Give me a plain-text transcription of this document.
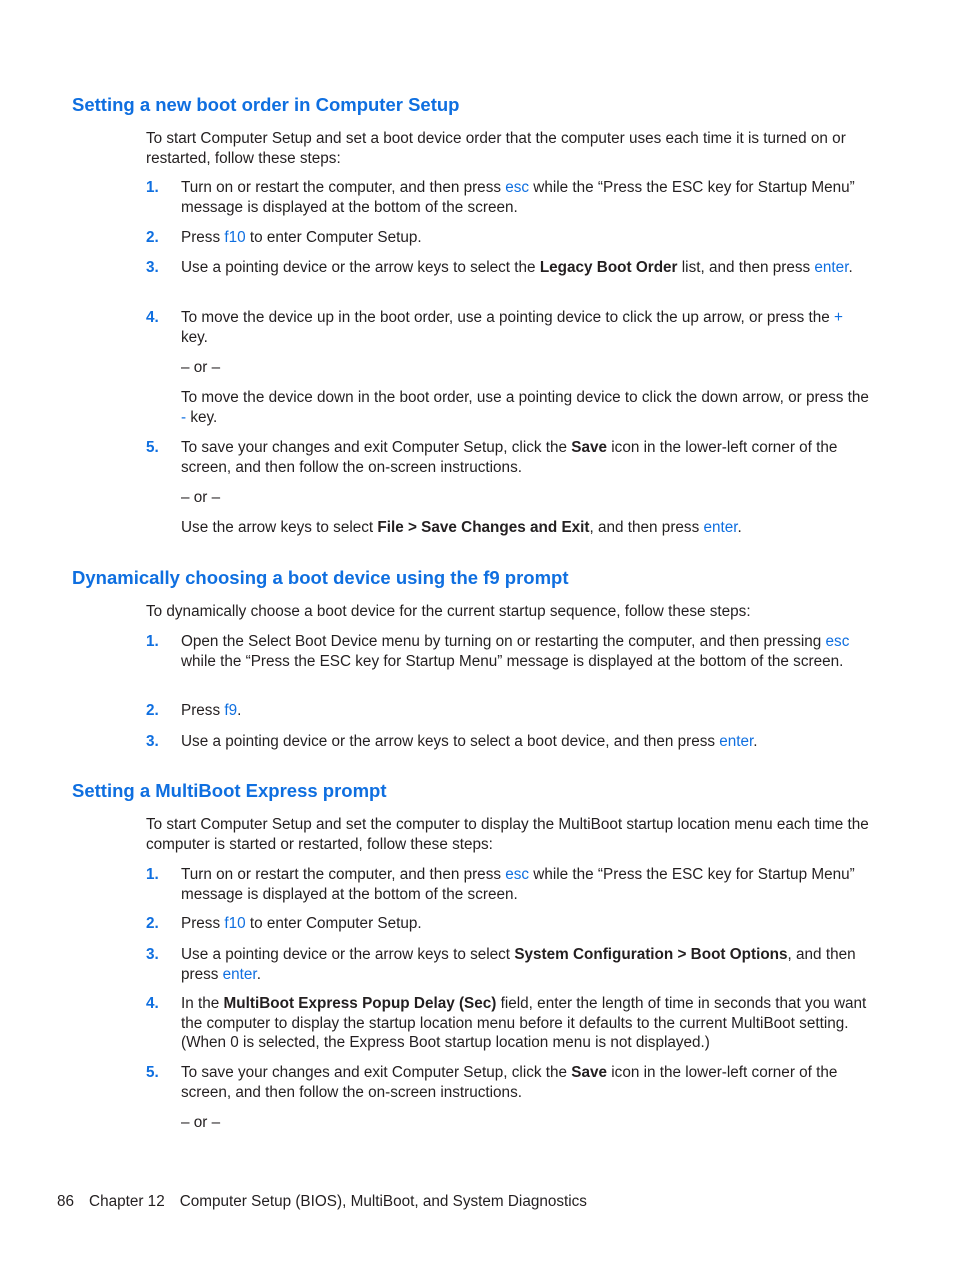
Setting a new boot order in Computer Setup

To start Computer Setup and set a boot device order that the computer uses each time it is turned on or restarted, follow these steps:

1. Turn on or restart the computer, and then press esc while the “Press the ESC key for Startup Menu” message is displayed at the bottom of the screen.
2. Press f10 to enter Computer Setup.
3. Use a pointing device or the arrow keys to select the Legacy Boot Order list, and then press enter.
4. To move the device up in the boot order, use a pointing device to click the up arrow, or press the + key.

– or –

To move the device down in the boot order, use a pointing device to click the down arrow, or press the - key.

5. To save your changes and exit Computer Setup, click the Save icon in the lower-left corner of the screen, and then follow the on-screen instructions.

– or –

Use the arrow keys to select File > Save Changes and Exit, and then press enter.

Dynamically choosing a boot device using the f9 prompt

To dynamically choose a boot device for the current startup sequence, follow these steps:

1. Open the Select Boot Device menu by turning on or restarting the computer, and then pressing esc while the “Press the ESC key for Startup Menu” message is displayed at the bottom of the screen.
2. Press f9.
3. Use a pointing device or the arrow keys to select a boot device, and then press enter.
Setting a MultiBoot Express prompt

To start Computer Setup and set the computer to display the MultiBoot startup location menu each time the computer is started or restarted, follow these steps:

1. Turn on or restart the computer, and then press esc while the “Press the ESC key for Startup Menu” message is displayed at the bottom of the screen.
2. Press f10 to enter Computer Setup.
3. Use a pointing device or the arrow keys to select System Configuration > Boot Options, and then press enter.
4. In the MultiBoot Express Popup Delay (Sec) field, enter the length of time in seconds that you want the computer to display the startup location menu before it defaults to the current MultiBoot setting. (When 0 is selected, the Express Boot startup location menu is not displayed.)
5. To save your changes and exit Computer Setup, click the Save icon in the lower-left corner of the screen, and then follow the on-screen instructions.

– or –

86 Chapter 12 Computer Setup (BIOS), MultiBoot, and System Diagnostics
